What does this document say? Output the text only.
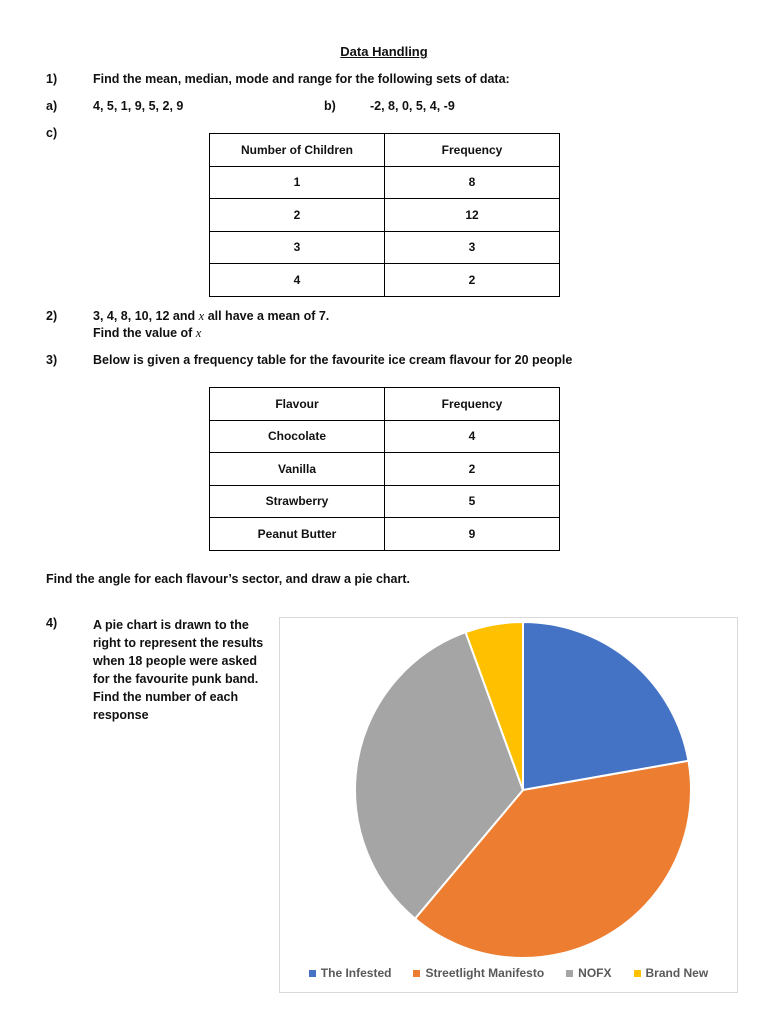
Data Handling
1)	Find the mean, median, mode and range for the following sets of data:
a)	4, 5, 1, 9, 5, 2, 9	b)	-2, 8, 0, 5, 4, -9
c)
Number of Children	Frequency
1	8
2	12
3	3
4	2
2)	3, 4, 8, 10, 12 and x all have a mean of 7.
Find the value of x
3)	Below is given a frequency table for the favourite ice cream flavour for 20 people
Flavour	Frequency
Chocolate	4
Vanilla	2
Strawberry	5
Peanut Butter	9
Find the angle for each flavour’s sector, and draw a pie chart.
4)	A pie chart is drawn to the
right to represent the results
when 18 people were asked
for the favourite punk band.
Find the number of each
response
The Infested	Streetlight Manifesto	NOFX	Brand New
